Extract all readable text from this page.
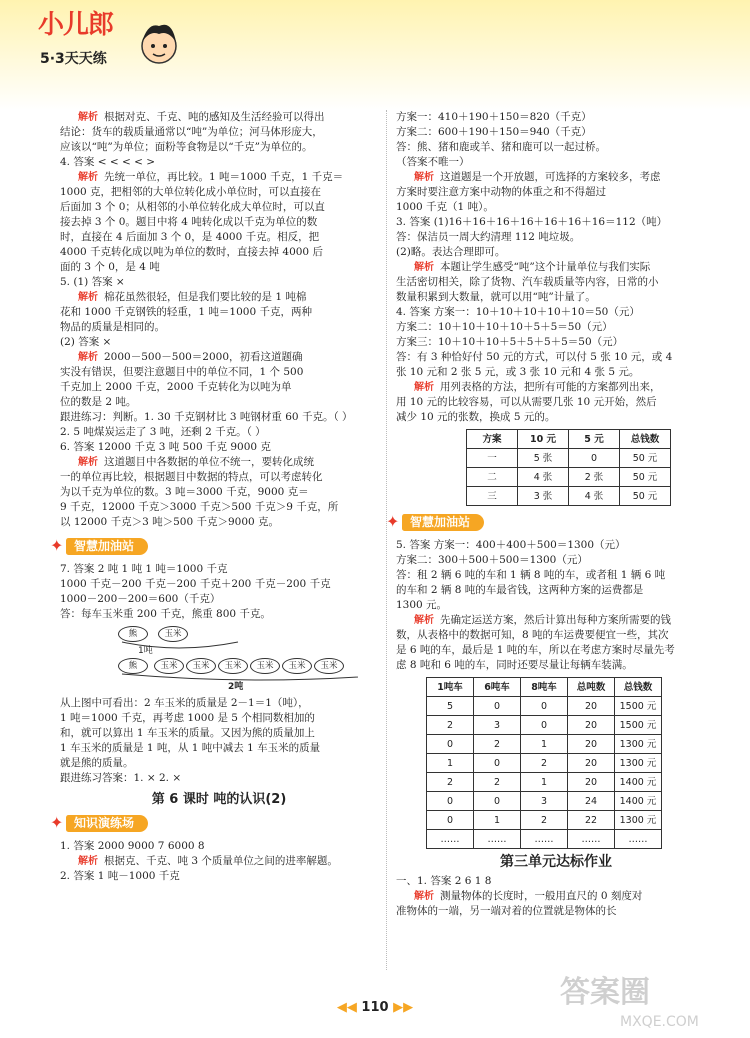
小儿郎
5·3天天练
解析 根据对克、千克、吨的感知及生活经验可以得出
结论：货车的载质量通常以“吨”为单位；河马体形庞大，
应该以“吨”为单位；面粉等食物是以“千克”为单位的。
4. 答案 < < < < >
解析 先统一单位，再比较。1 吨＝1000 千克，1 千克＝
1000 克，把相邻的大单位转化成小单位时，可以直接在
后面加 3 个 0；从相邻的小单位转化成大单位时，可以直
接去掉 3 个 0。题目中将 4 吨转化成以千克为单位的数
时，直接在 4 后面加 3 个 0，是 4000 千克。相反，把
4000 千克转化成以吨为单位的数时，直接去掉 4000 后
面的 3 个 0，是 4 吨
5. (1) 答案 ×
解析 棉花虽然很轻，但是我们要比较的是 1 吨棉
花和 1000 千克钢铁的轻重，1 吨＝1000 千克，两种
物品的质量是相同的。
(2) 答案 ×
解析 2000－500－500＝2000，初看这道题确
实没有错误，但要注意题目中的单位不同，1 个 500
千克加上 2000 千克，2000 千克转化为以吨为单
位的数是 2 吨。
跟进练习：判断。1. 30 千克钢材比 3 吨钢材重 60 千克。（ ）
2. 5 吨煤炭运走了 3 吨，还剩 2 千克。（ ）
6. 答案 12000 千克 3 吨 500 千克 9000 克
解析 这道题目中各数据的单位不统一，要转化成统
一的单位再比较，根据题目中数据的特点，可以考虑转化
为以千克为单位的数。3 吨＝3000 千克，9000 克＝
9 千克，12000 千克＞3000 千克＞500 千克＞9 千克，所
以 12000 千克＞3 吨＞500 千克＞9000 克。
✦ 智慧加油站
7. 答案 2 吨 1 吨 1 吨＝1000 千克
1000 千克－200 千克－200 千克＋200 千克－200 千克
1000－200－200＝600（千克）
答：每车玉米重 200 千克，熊重 800 千克。
熊	玉米
1吨
熊	玉米	玉米	玉米	玉米	玉米	玉米
2吨
从上图中可看出：2 车玉米的质量是 2－1＝1（吨），
1 吨＝1000 千克，再考虑 1000 是 5 个相同数相加的
和，就可以算出 1 车玉米的质量。又因为熊的质量加上
1 车玉米的质量是 1 吨，从 1 吨中减去 1 车玉米的质量
就是熊的质量。
跟进练习答案：1. × 2. ×
第 6 课时 吨的认识(2)
✦ 知识演练场
1. 答案 2000 9000 7 6000 8
解析 根据克、千克、吨 3 个质量单位之间的进率解题。
2. 答案 1 吨－1000 千克
方案一：410＋190＋150＝820（千克）
方案二：600＋190＋150＝940（千克）
答：熊、猪和鹿或羊、猪和鹿可以一起过桥。
（答案不唯一）
解析 这道题是一个开放题，可选择的方案较多，考虑
方案时要注意方案中动物的体重之和不得超过
1000 千克（1 吨）。
3. 答案 (1)16＋16＋16＋16＋16＋16＋16＝112（吨）
答：保洁员一周大约清理 112 吨垃圾。
(2)略。表达合理即可。
解析 本题让学生感受“吨”这个计量单位与我们实际
生活密切相关，除了货物、汽车载质量等内容，日常的小
数量积累到大数量，就可以用“吨”计量了。
4. 答案 方案一：10＋10＋10＋10＋10＝50（元）
方案二：10＋10＋10＋10＋5＋5＝50（元）
方案三：10＋10＋10＋5＋5＋5＋5＝50（元）
答：有 3 种恰好付 50 元的方式，可以付 5 张 10 元，或 4
张 10 元和 2 张 5 元，或 3 张 10 元和 4 张 5 元。
解析 用列表格的方法，把所有可能的方案都列出来，
用 10 元的比较容易，可以从需要几张 10 元开始，然后
减少 10 元的张数，换成 5 元的。
方案	10 元	5 元	总钱数
一	5 张	0	50 元
二	4 张	2 张	50 元
三	3 张	4 张	50 元
✦ 智慧加油站
5. 答案 方案一：400＋400＋500＝1300（元）
方案二：300＋500＋500＝1300（元）
答：租 2 辆 6 吨的车和 1 辆 8 吨的车，或者租 1 辆 6 吨
的车和 2 辆 8 吨的车最省钱，这两种方案的运费都是
1300 元。
解析 先确定运送方案，然后计算出每种方案所需要的钱
数，从表格中的数据可知，8 吨的车运费要便宜一些，其次
是 6 吨的车，最后是 1 吨的车，所以在考虑方案时尽量先考
虑 8 吨和 6 吨的车，同时还要尽量让每辆车装满。
1吨车	6吨车	8吨车	总吨数	总钱数
5	0	0	20	1500 元
2	3	0	20	1500 元
0	2	1	20	1300 元
1	0	2	20	1300 元
2	2	1	20	1400 元
0	0	3	24	1400 元
0	1	2	22	1300 元
……	……	……	……	……
第三单元达标作业
一、1. 答案 2 6 1 8
解析 测量物体的长度时，一般用直尺的 0 刻度对
准物体的一端，另一端对着的位置就是物体的长
◀◀ 110 ▶▶	答案圈
MXQE.COM
